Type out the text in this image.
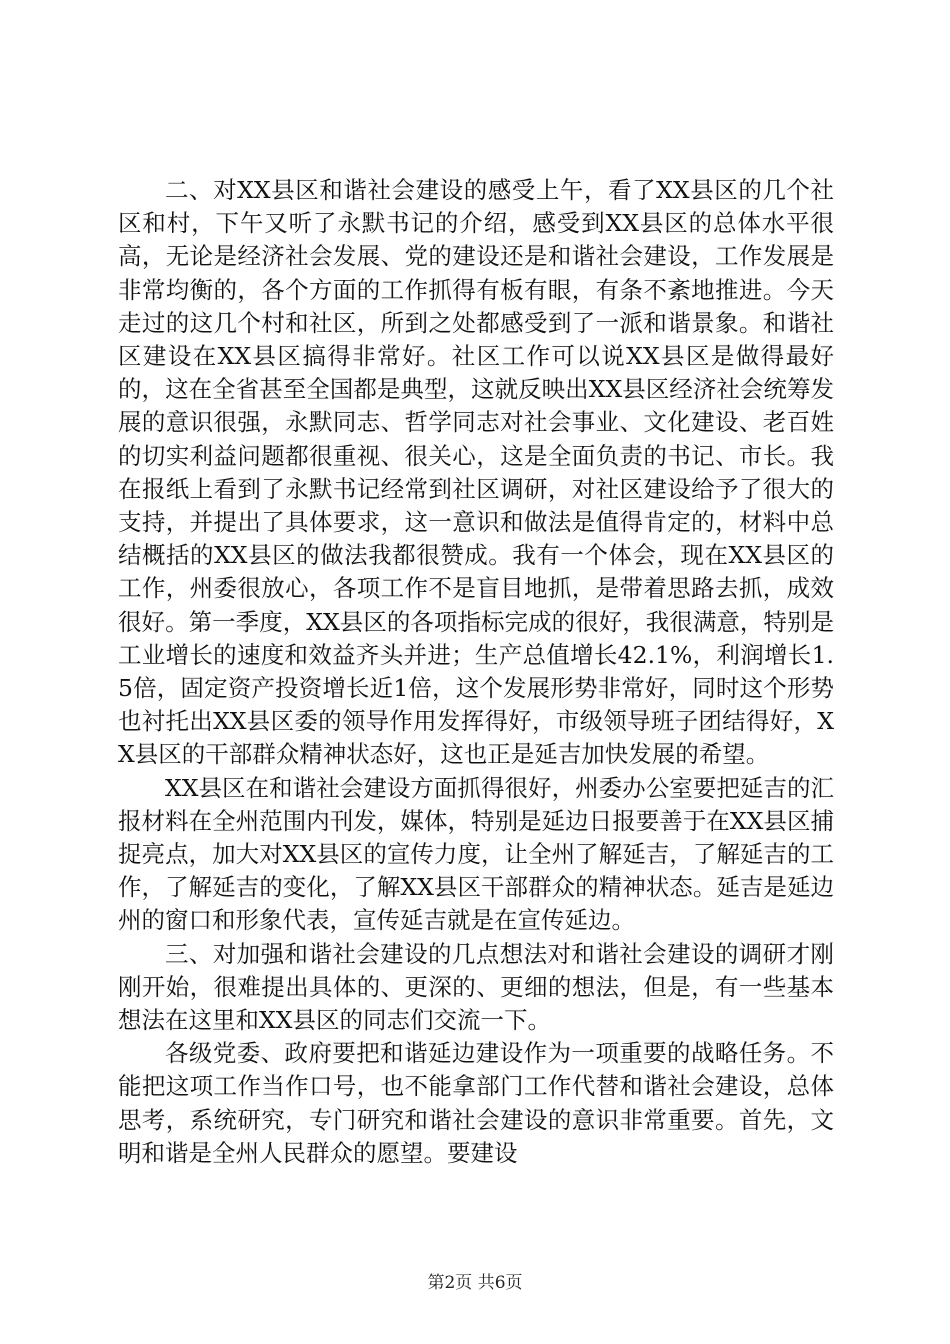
二、对XX县区和谐社会建设的感受上午，看了XX县区的几个社区和村，下午又听了永默书记的介绍，感受到XX县区的总体水平很高，无论是经济社会发展、党的建设还是和谐社会建设，工作发展是非常均衡的，各个方面的工作抓得有板有眼，有条不紊地推进。今天走过的这几个村和社区，所到之处都感受到了一派和谐景象。和谐社区建设在XX县区搞得非常好。社区工作可以说XX县区是做得最好的，这在全省甚至全国都是典型，这就反映出XX县区经济社会统筹发展的意识很强，永默同志、哲学同志对社会事业、文化建设、老百姓的切实利益问题都很重视、很关心，这是全面负责的书记、市长。我在报纸上看到了永默书记经常到社区调研，对社区建设给予了很大的支持，并提出了具体要求，这一意识和做法是值得肯定的，材料中总结概括的XX县区的做法我都很赞成。我有一个体会，现在XX县区的工作，州委很放心，各项工作不是盲目地抓，是带着思路去抓，成效很好。第一季度，XX县区的各项指标完成的很好，我很满意，特别是工业增长的速度和效益齐头并进；生产总值增长42.1%，利润增长1.5倍，固定资产投资增长近1倍，这个发展形势非常好，同时这个形势也衬托出XX县区委的领导作用发挥得好，市级领导班子团结得好，XX县区的干部群众精神状态好，这也正是延吉加快发展的希望。

XX县区在和谐社会建设方面抓得很好，州委办公室要把延吉的汇报材料在全州范围内刊发，媒体，特别是延边日报要善于在XX县区捕捉亮点，加大对XX县区的宣传力度，让全州了解延吉，了解延吉的工作，了解延吉的变化，了解XX县区干部群众的精神状态。延吉是延边州的窗口和形象代表，宣传延吉就是在宣传延边。

三、对加强和谐社会建设的几点想法对和谐社会建设的调研才刚刚开始，很难提出具体的、更深的、更细的想法，但是，有一些基本想法在这里和XX县区的同志们交流一下。

各级党委、政府要把和谐延边建设作为一项重要的战略任务。不能把这项工作当作口号，也不能拿部门工作代替和谐社会建设，总体思考，系统研究，专门研究和谐社会建设的意识非常重要。首先，文明和谐是全州人民群众的愿望。要建设

第2页 共6页
